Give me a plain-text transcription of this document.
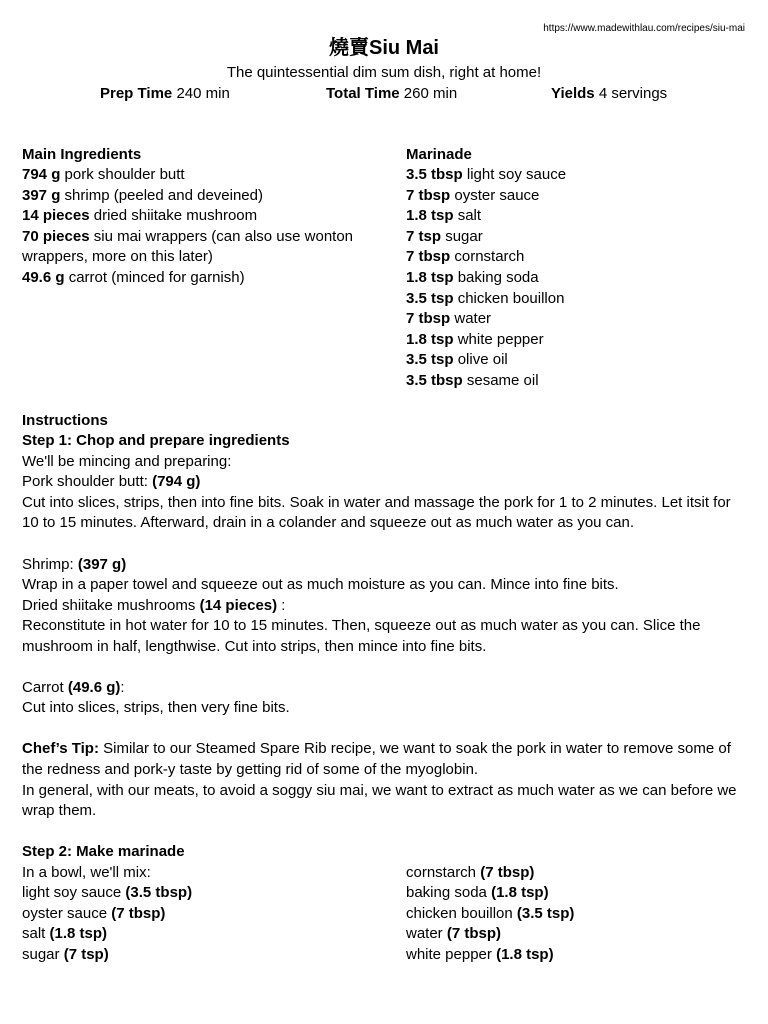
https://www.madewithlau.com/recipes/siu-mai
燒賣Siu Mai
The quintessential dim sum dish, right at home!
Prep Time 240 min	Total Time 260 min	Yields 4 servings
Main Ingredients
794 g pork shoulder butt
397 g shrimp (peeled and deveined)
14 pieces dried shiitake mushroom
70 pieces siu mai wrappers (can also use wonton wrappers, more on this later)
49.6 g carrot (minced for garnish)
Marinade
3.5 tbsp light soy sauce
7 tbsp oyster sauce
1.8 tsp salt
7 tsp sugar
7 tbsp cornstarch
1.8 tsp baking soda
3.5 tsp chicken bouillon
7 tbsp water
1.8 tsp white pepper
3.5 tsp olive oil
3.5 tbsp sesame oil
Instructions
Step 1: Chop and prepare ingredients
We'll be mincing and preparing:
Pork shoulder butt: (794 g)
Cut into slices, strips, then into fine bits. Soak in water and massage the pork for 1 to 2 minutes. Let itsit for
10 to 15 minutes. Afterward, drain in a colander and squeeze out as much water as you can.
Shrimp: (397 g)
Wrap in a paper towel and squeeze out as much moisture as you can. Mince into fine bits.
Dried shiitake mushrooms (14 pieces) :
Reconstitute in hot water for 10 to 15 minutes. Then, squeeze out as much water as you can. Slice the
mushroom in half, lengthwise. Cut into strips, then mince into fine bits.
Carrot (49.6 g):
Cut into slices, strips, then very fine bits.
Chef’s Tip: Similar to our Steamed Spare Rib recipe, we want to soak the pork in water to remove some of
the redness and pork-y taste by getting rid of some of the myoglobin.
In general, with our meats, to avoid a soggy siu mai, we want to extract as much water as we can before we
wrap them.
Step 2: Make marinade
In a bowl, we'll mix:
light soy sauce (3.5 tbsp)
oyster sauce (7 tbsp)
salt (1.8 tsp)
sugar (7 tsp)
cornstarch (7 tbsp)
baking soda (1.8 tsp)
chicken bouillon (3.5 tsp)
water (7 tbsp)
white pepper (1.8 tsp)
